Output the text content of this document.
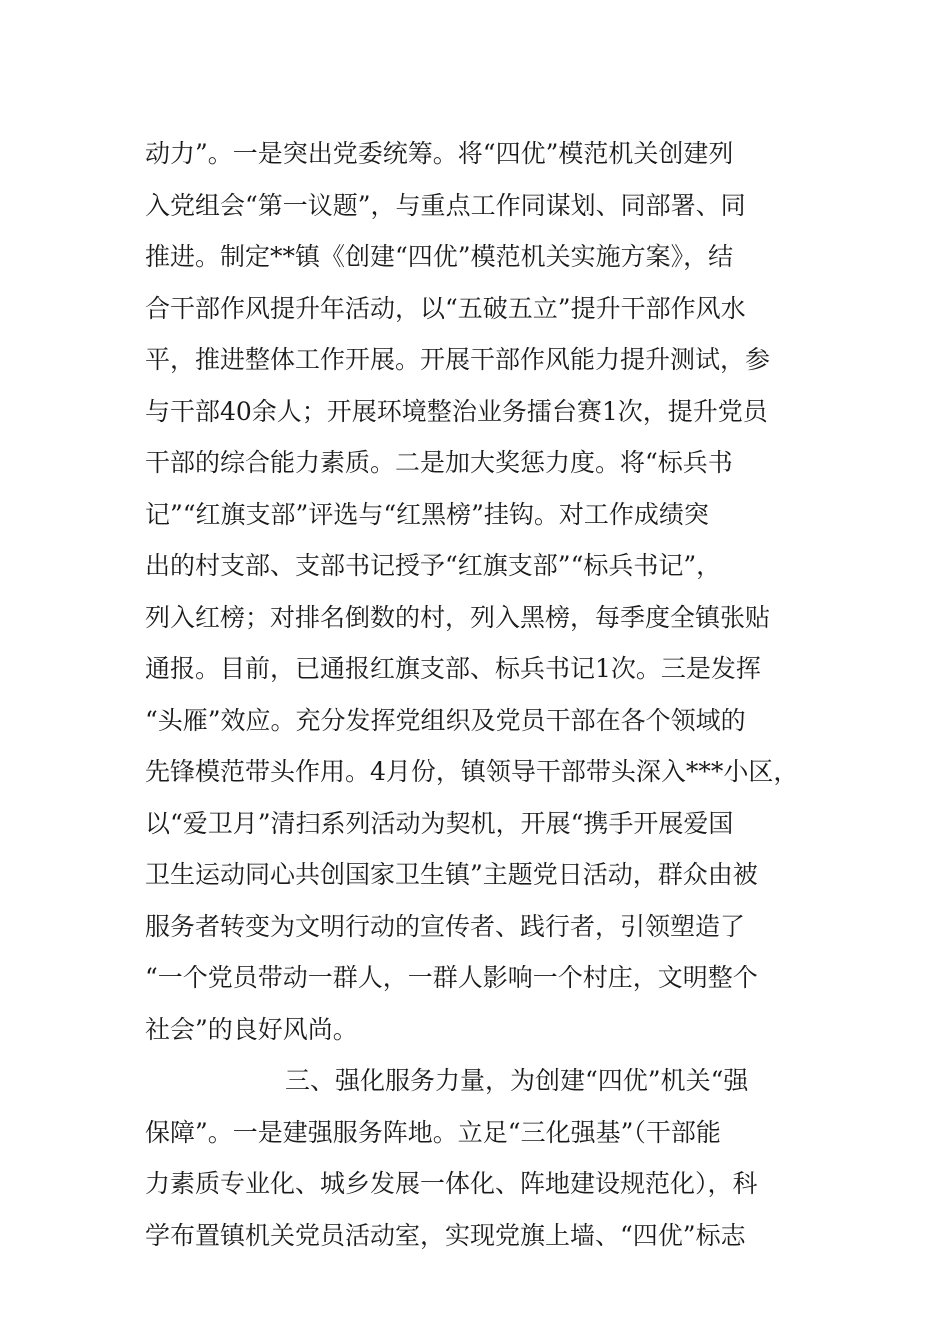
动力”。一是突出党委统筹。将“四优”模范机关创建列
入党组会“第一议题”，与重点工作同谋划、同部署、同
推进。制定**镇《创建“四优”模范机关实施方案》，结
合干部作风提升年活动，以“五破五立”提升干部作风水
平，推进整体工作开展。开展干部作风能力提升测试，参
与干部40余人；开展环境整治业务擂台赛1次，提升党员
干部的综合能力素质。二是加大奖惩力度。将“标兵书
记”“红旗支部”评选与“红黑榜”挂钩。对工作成绩突
出的村支部、支部书记授予“红旗支部”“标兵书记”，
列入红榜；对排名倒数的村，列入黑榜，每季度全镇张贴
通报。目前，已通报红旗支部、标兵书记1次。三是发挥
“头雁”效应。充分发挥党组织及党员干部在各个领域的
先锋模范带头作用。4月份，镇领导干部带头深入***小区，
以“爱卫月”清扫系列活动为契机，开展“携手开展爱国
卫生运动同心共创国家卫生镇”主题党日活动，群众由被
服务者转变为文明行动的宣传者、践行者，引领塑造了
“一个党员带动一群人，一群人影响一个村庄，文明整个
社会”的良好风尚。
三、强化服务力量，为创建“四优”机关“强
保障”。一是建强服务阵地。立足“三化强基”（干部能
力素质专业化、城乡发展一体化、阵地建设规范化），科
学布置镇机关党员活动室，实现党旗上墙、“四优”标志
